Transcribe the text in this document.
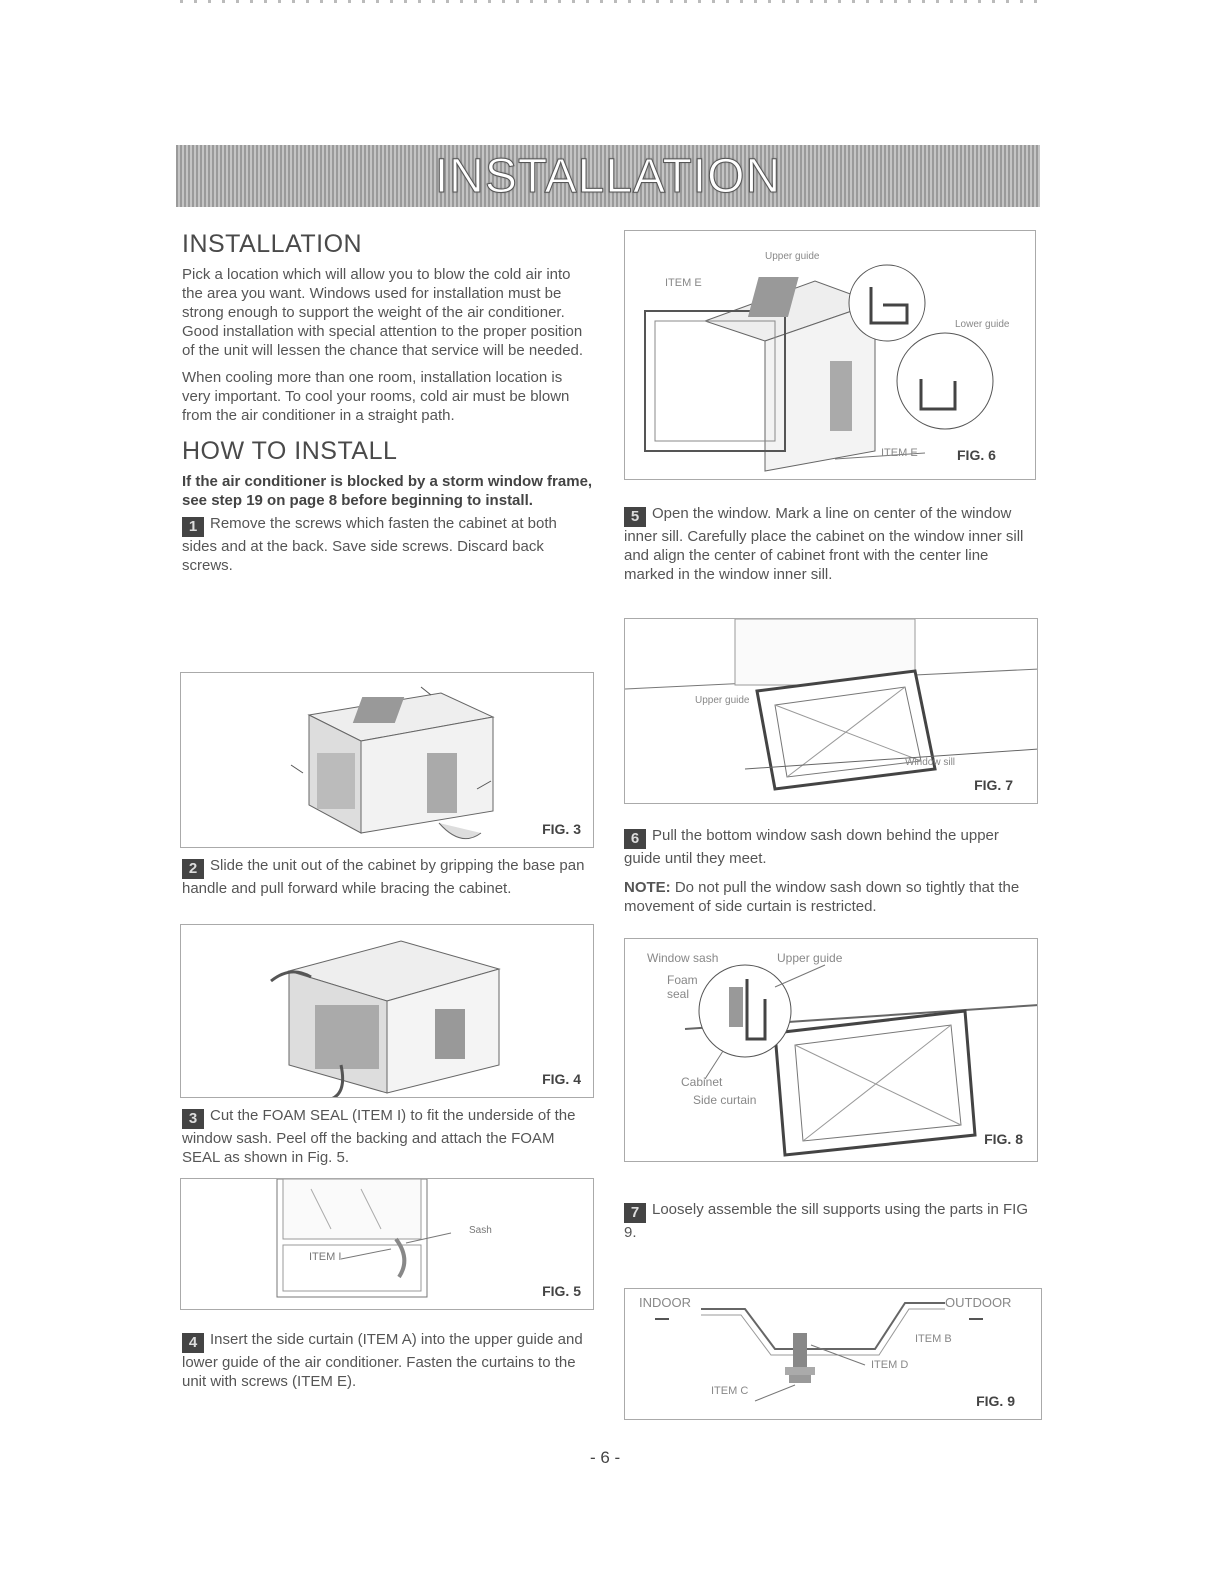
INSTALLATION
INSTALLATION
Pick a location which will allow you to blow the cold air into the area you want. Windows used for installation must be strong enough to support the weight of the air conditioner. Good installation with special attention to the proper position of the unit will lessen the chance that service will be needed.
When cooling more than one room, installation location is very important. To cool your rooms, cold air must be blown from the air conditioner in a straight path.
HOW TO INSTALL
If the air conditioner is blocked by a storm window frame, see step 19 on page 8 before beginning to install.
1 Remove the screws which fasten the cabinet at both sides and at the back. Save side screws. Discard back screws.
FIG. 3
2 Slide the unit out of the cabinet by gripping the base pan handle and pull forward while bracing the cabinet.
FIG. 4
3 Cut the FOAM SEAL (ITEM I) to fit the underside of the window sash. Peel off the backing and attach the FOAM SEAL as shown in Fig. 5.
Sash
ITEM I
FIG. 5
4 Insert the side curtain (ITEM A) into the upper guide and lower guide of the air conditioner. Fasten the curtains to the unit with screws (ITEM E).
Upper guide
ITEM E
Lower guide
ITEM E	FIG. 6
5 Open the window. Mark a line on center of the window inner sill. Carefully place the cabinet on the window inner sill and align the center of cabinet front with the center line marked in the window inner sill.
Upper guide
Window sill
FIG. 7
6 Pull the bottom window sash down behind the upper guide until they meet.
NOTE: Do not pull the window sash down so tightly that the movement of side curtain is restricted.
Window sash	Upper guide
Foam
seal
Cabinet
Side curtain
FIG. 8
7 Loosely assemble the sill supports using the parts in FIG 9.
INDOOR	OUTDOOR
ITEM B
ITEM D
ITEM C
FIG. 9
- 6 -
